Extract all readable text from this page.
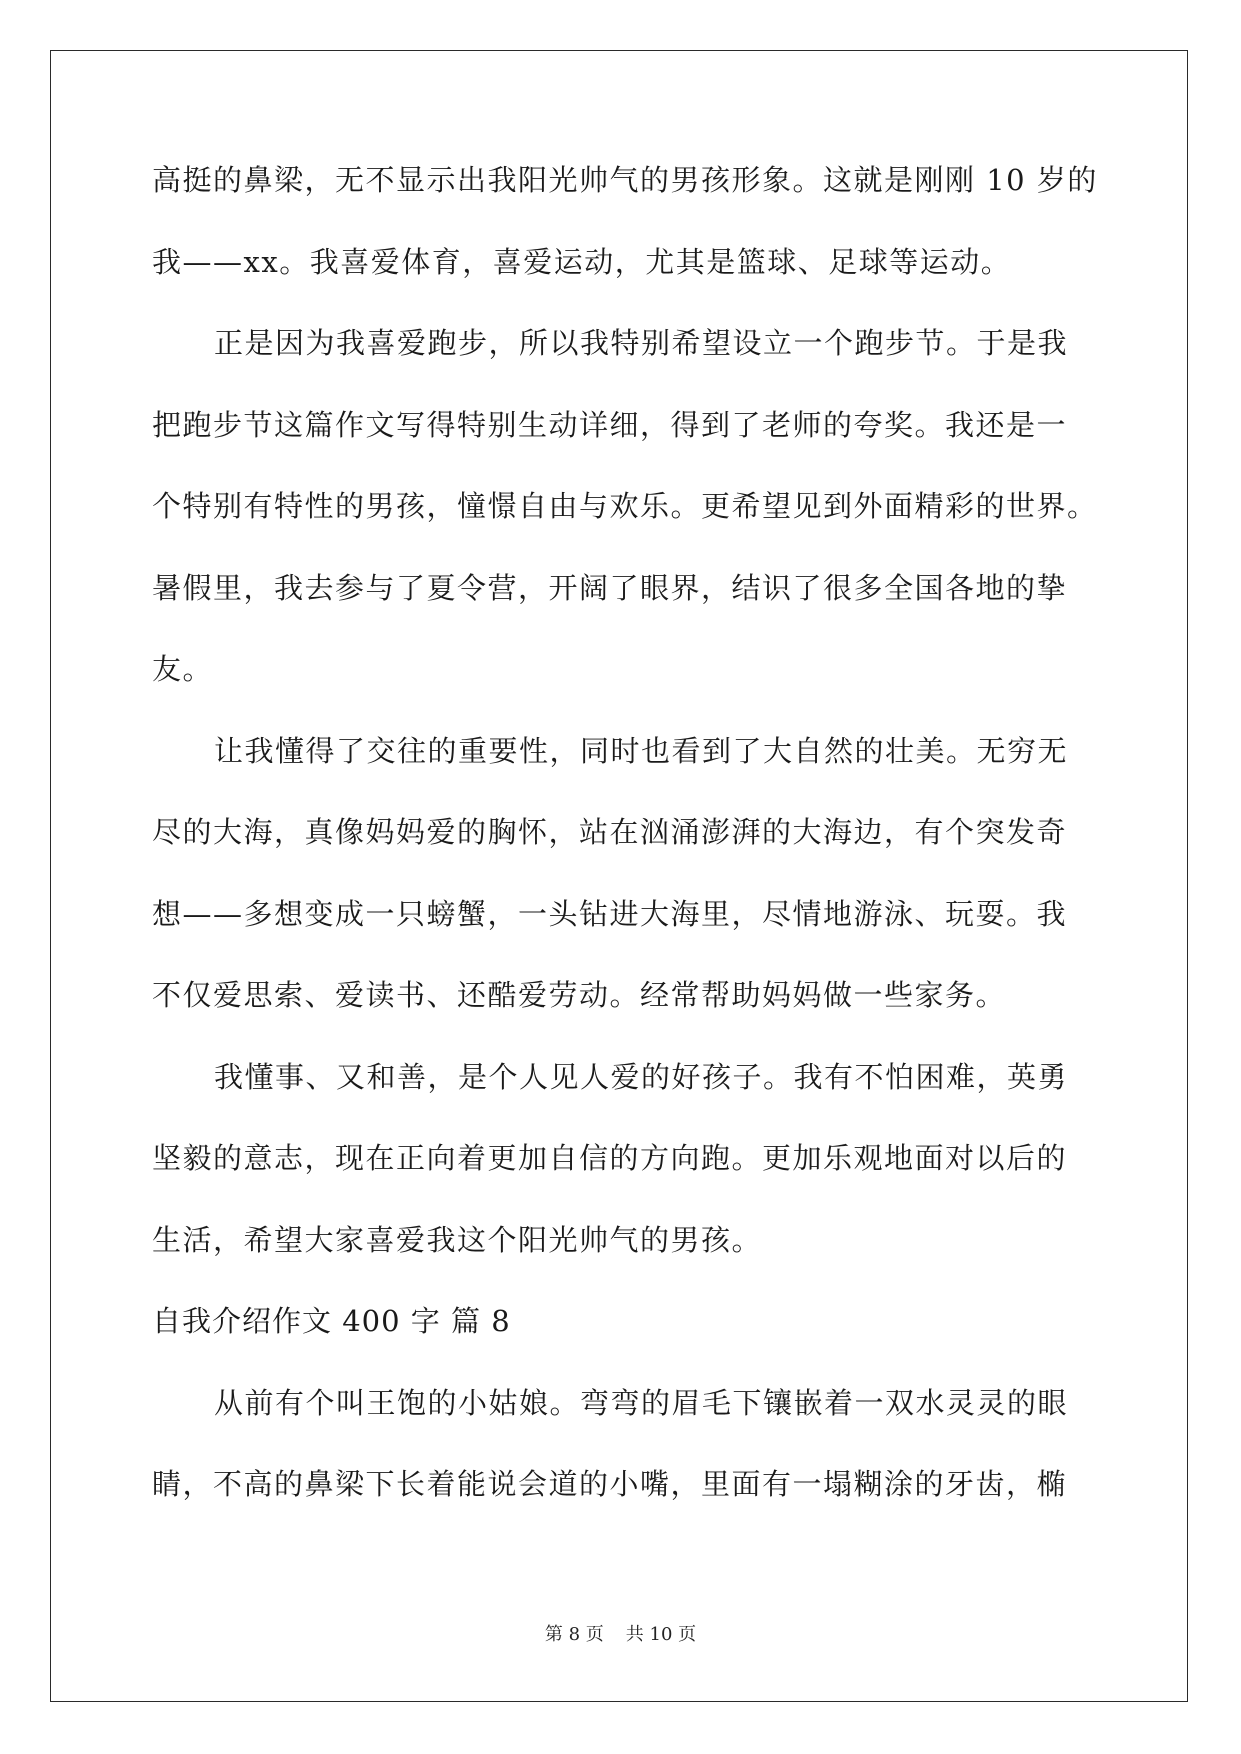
高挺的鼻梁，无不显示出我阳光帅气的男孩形象。这就是刚刚 10 岁的
我——xx。我喜爱体育，喜爱运动，尤其是篮球、足球等运动。
正是因为我喜爱跑步，所以我特别希望设立一个跑步节。于是我
把跑步节这篇作文写得特别生动详细，得到了老师的夸奖。我还是一
个特别有特性的男孩，憧憬自由与欢乐。更希望见到外面精彩的世界。
暑假里，我去参与了夏令营，开阔了眼界，结识了很多全国各地的挚
友。
让我懂得了交往的重要性，同时也看到了大自然的壮美。无穷无
尽的大海，真像妈妈爱的胸怀，站在汹涌澎湃的大海边，有个突发奇
想——多想变成一只螃蟹，一头钻进大海里，尽情地游泳、玩耍。我
不仅爱思索、爱读书、还酷爱劳动。经常帮助妈妈做一些家务。
我懂事、又和善，是个人见人爱的好孩子。我有不怕困难，英勇
坚毅的意志，现在正向着更加自信的方向跑。更加乐观地面对以后的
生活，希望大家喜爱我这个阳光帅气的男孩。
自我介绍作文 400 字 篇 8
从前有个叫王饱的小姑娘。弯弯的眉毛下镶嵌着一双水灵灵的眼
睛，不高的鼻梁下长着能说会道的小嘴，里面有一塌糊涂的牙齿，椭
第 8 页 共 10 页
